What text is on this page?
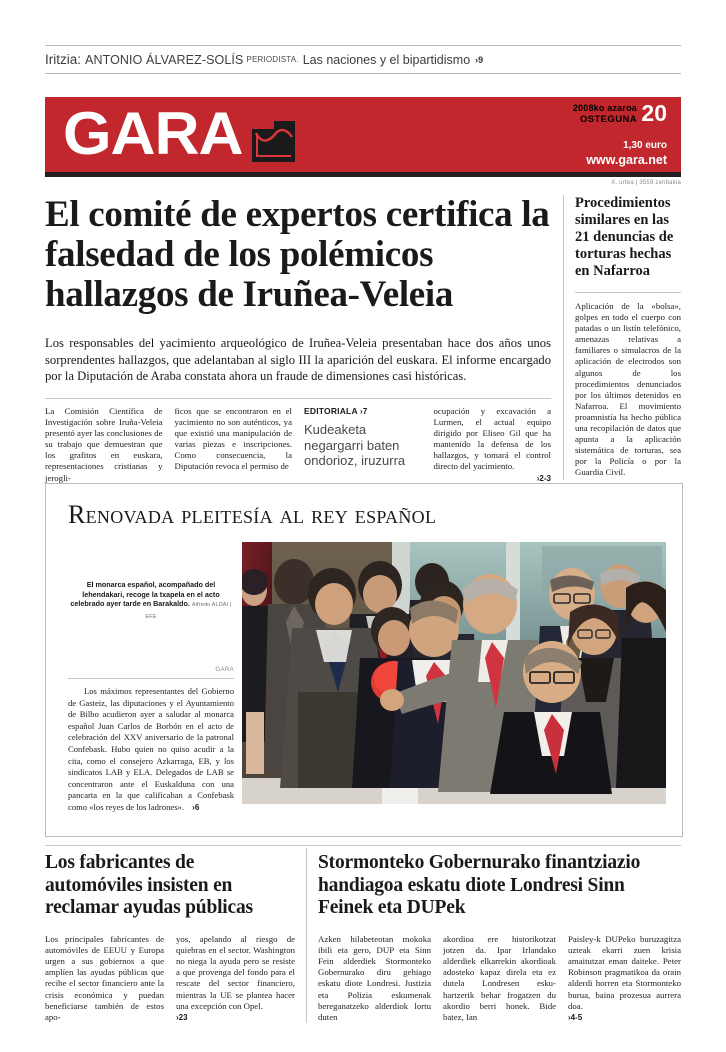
Iritzia: ANTONIO ÁLVAREZ-SOLÍS PERIODISTA. Las naciones y el bipartidismo ›9
GARA	2008ko azaroa
OSTEGUNA 20
1,30 euro
www.gara.net
X. urtea | 3559 zenbakia
El comité de expertos certifica la falsedad de los polémicos hallazgos de Iruñea-Veleia
Los responsables del yacimiento arqueológico de Iruñea-Veleia presentaban hace dos años unos sorprendentes hallazgos, que adelantaban al siglo III la aparición del euskara. El informe encargado por la Diputación de Araba constata ahora un fraude de dimensiones casi históricas.

La Comisión Científica de Investigación sobre Iruña-Veleia presentó ayer las conclusiones de su trabajo que demuestran que los grafitos en euskara, representaciones cristianas y jerogli-

ficos que se encontraron en el yacimiento no son auténticos, ya que existió una manipulación de varias piezas e inscripciones. Como consecuencia, la Diputación revoca el permiso de

EDITORIALA ›7
Kudeaketa negargarri baten ondorioz, iruzurra

ocupación y excavación a Lurmen, el actual equipo dirigido por Eliseo Gil que ha mantenido la defensa de los hallazgos, y tomará el control directo del yacimiento.

›2-3

Procedimientos similares en las 21 denuncias de torturas hechas en Nafarroa

Aplicación de la «bolsa», golpes en todo el cuerpo con patadas o un listín telefónico, amenazas relativas a familiares o simulacros de la aplicación de electrodos son algunos de los procedimientos denunciados por los últimos detenidos en Nafarroa. El movimiento proamnistía ha hecho pública una recopilación de datos que apunta a la aplicación sistemática de torturas, sea por la Policía o por la Guardia Civil.

Renovada pleitesía al rey español
El monarca español, acompañado del lehendakari, recoge la txapela en el acto celebrado ayer tarde en Barakaldo. Alfredo ALDAI | EFE
GARA
Los máximos representantes del Gobierno de Gasteiz, las diputaciones y el Ayuntamiento de Bilbo acudieron ayer a saludar al monarca español Juan Carlos de Borbón en el acto de celebración del XXV aniversario de la patronal Confebask. Hubo quien no quiso acudir a la cita, como el consejero Azkarraga, EB, y los sindicatos LAB y ELA. Delegados de LAB se concentraron ante el Euskalduna con una pancarta en la que calificaban a Confebask como «los reyes de los ladrones». ›6
Los fabricantes de automóviles insisten en reclamar ayudas públicas

Los principales fabricantes de automóviles de EEUU y Europa urgen a sus gobiernos a que amplíen las ayudas públicas que recibe el sector financiero ante la crisis económica y puedan beneficiarse también de estos apo-

yos, apelando al riesgo de quiebras en el sector. Washington no niega la ayuda pero se resiste a que provenga del fondo para el rescate del sector financiero, mientras la UE se plantea hacer una excepción con Opel.

›23

Stormonteko Gobernurako finantziazio handiagoa eskatu diote Londresi Sinn Feinek eta DUPek

Azken hilabeteotan mokoka ibili eta gero, DUP eta Sinn Fein alderdiek Stormonteko Gobernurako diru gehiago eskatu diote Londresi. Justizia eta Polizia eskumenak bereganatzeko alderdiok lortu duten

akordioa ere historikotzat jotzen da. Ipar Irlandako alderdiek elkarrekin akordioak adosteko kapaz direla eta ez dutela Londresen esku-hartzerik behar frogatzen du akordio berri honek. Bide batez, Ian

Paisley-k DUPeko buruzagitza uzteak ekarri zuen krisia amaitutzat eman daiteke. Peter Robinson pragmatikoa da orain alderdi horren eta Stormonteko burua, baina prozesua aurrera doa.

›4-5
